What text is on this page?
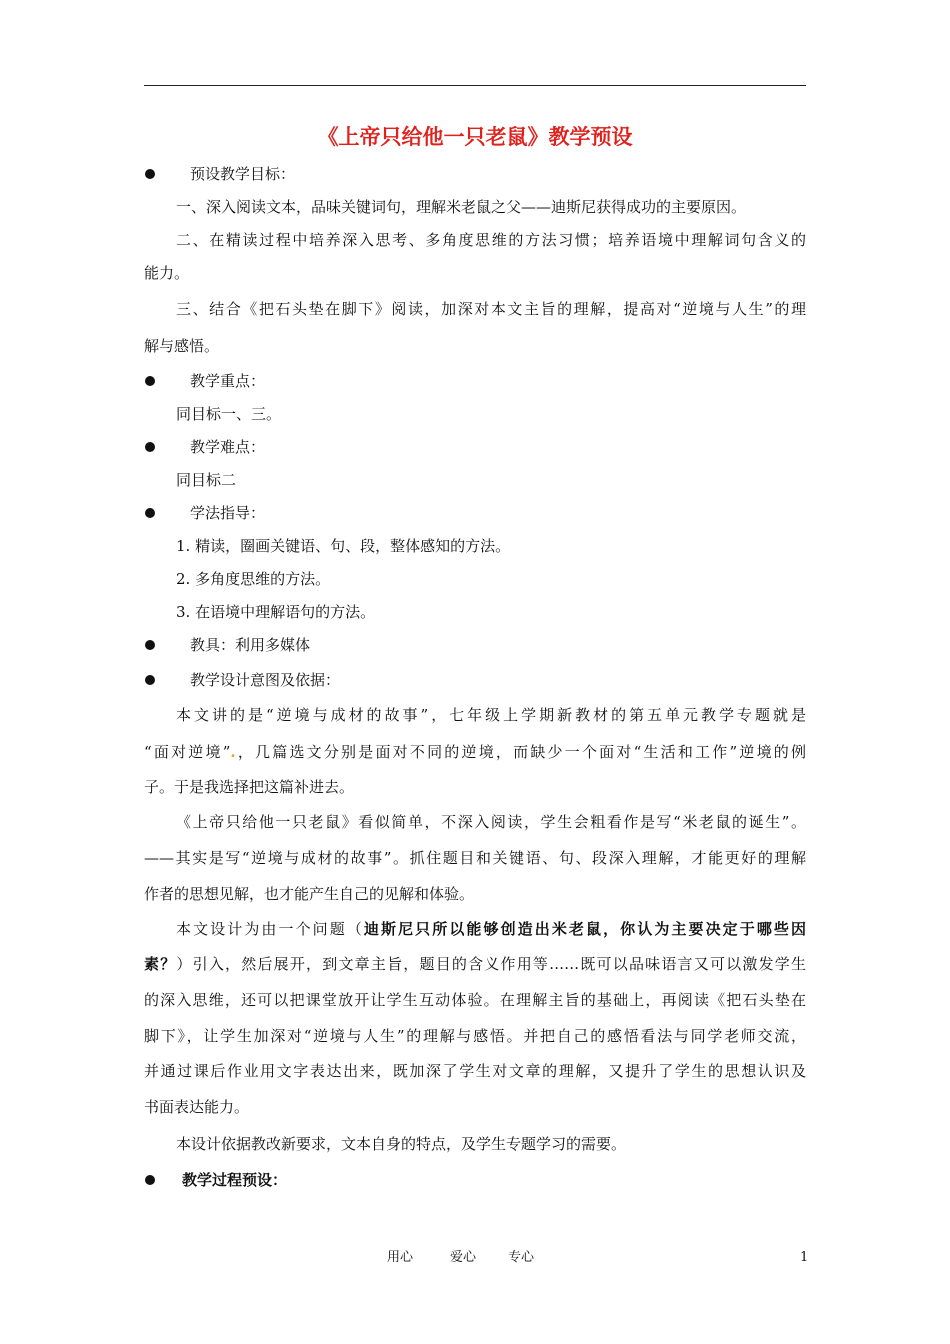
《上帝只给他一只老鼠》教学预设
预设教学目标：
一、深入阅读文本，品味关键词句，理解米老鼠之父——迪斯尼获得成功的主要原因。
二、在精读过程中培养深入思考、多角度思维的方法习惯；培养语境中理解词句含义的
能力。
三、结合《把石头垫在脚下》阅读，加深对本文主旨的理解，提高对“逆境与人生”的理
解与感悟。
教学重点：
同目标一、三。
教学难点：
同目标二
学法指导：
1. 精读，圈画关键语、句、段，整体感知的方法。
2. 多角度思维的方法。
3. 在语境中理解语句的方法。
教具：利用多媒体
教学设计意图及依据：
本文讲的是“逆境与成材的故事”，七年级上学期新教材的第五单元教学专题就是
“面对逆境”.，几篇选文分别是面对不同的逆境，而缺少一个面对“生活和工作”逆境的例
子。于是我选择把这篇补进去。
《上帝只给他一只老鼠》看似简单，不深入阅读，学生会粗看作是写“米老鼠的诞生”。
——其实是写“逆境与成材的故事”。抓住题目和关键语、句、段深入理解，才能更好的理解
作者的思想见解，也才能产生自己的见解和体验。
本文设计为由一个问题（迪斯尼只所以能够创造出米老鼠，你认为主要决定于哪些因
素？）引入，然后展开，到文章主旨，题目的含义作用等……既可以品味语言又可以激发学生
的深入思维，还可以把课堂放开让学生互动体验。在理解主旨的基础上，再阅读《把石头垫在
脚下》，让学生加深对“逆境与人生”的理解与感悟。并把自己的感悟看法与同学老师交流，
并通过课后作业用文字表达出来，既加深了学生对文章的理解，又提升了学生的思想认识及
书面表达能力。
本设计依据教改新要求，文本自身的特点，及学生专题学习的需要。
教学过程预设：
用心	爱心 专心	1
